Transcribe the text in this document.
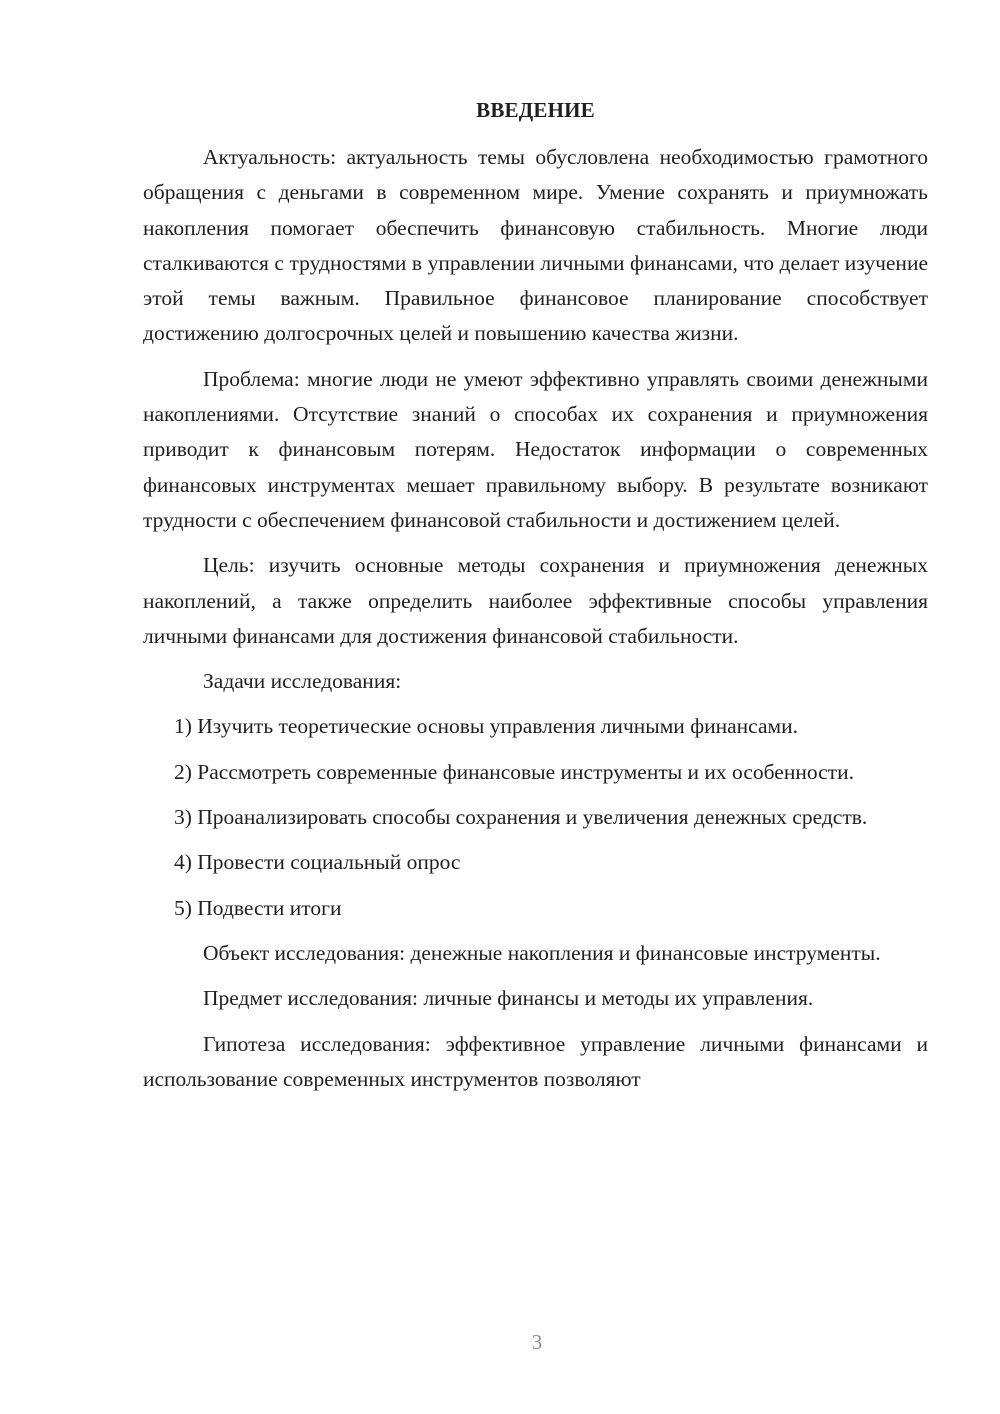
ВВЕДЕНИЕ

Актуальность: актуальность темы обусловлена необходимостью грамотного обращения с деньгами в современном мире. Умение сохранять и приумножать накопления помогает обеспечить финансовую стабильность. Многие люди сталкиваются с трудностями в управлении личными финансами, что делает изучение этой темы важным. Правильное финансовое планирование способствует достижению долгосрочных целей и повышению качества жизни.

Проблема: многие люди не умеют эффективно управлять своими денежными накоплениями. Отсутствие знаний о способах их сохранения и приумножения приводит к финансовым потерям. Недостаток информации о современных финансовых инструментах мешает правильному выбору. В результате возникают трудности с обеспечением финансовой стабильности и достижением целей.

Цель: изучить основные методы сохранения и приумножения денежных накоплений, а также определить наиболее эффективные способы управления личными финансами для достижения финансовой стабильности.

Задачи исследования:

1) Изучить теоретические основы управления личными финансами.

2) Рассмотреть современные финансовые инструменты и их особенности.

3) Проанализировать способы сохранения и увеличения денежных средств.

4) Провести социальный опрос

5) Подвести итоги

Объект исследования: денежные накопления и финансовые инструменты.

Предмет исследования: личные финансы и методы их управления.

Гипотеза исследования: эффективное управление личными финансами и использование современных инструментов позволяют

3
